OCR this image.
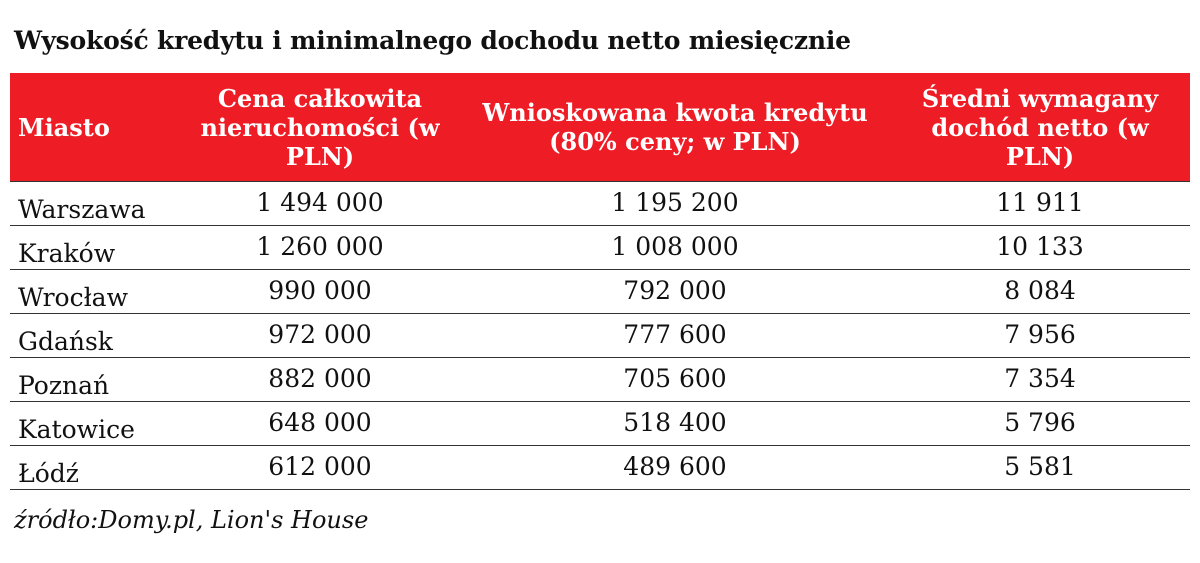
Wysokość kredytu i minimalnego dochodu netto miesięcznie
Miasto	Cena całkowita nieruchomości (w PLN)	Wnioskowana kwota kredytu (80% ceny; w PLN)	Średni wymagany dochód netto (w PLN)
Warszawa	1 494 000	1 195 200	11 911
Kraków	1 260 000	1 008 000	10 133
Wrocław	990 000	792 000	8 084
Gdańsk	972 000	777 600	7 956
Poznań	882 000	705 600	7 354
Katowice	648 000	518 400	5 796
Łódź	612 000	489 600	5 581
źródło:Domy.pl, Lion's House
